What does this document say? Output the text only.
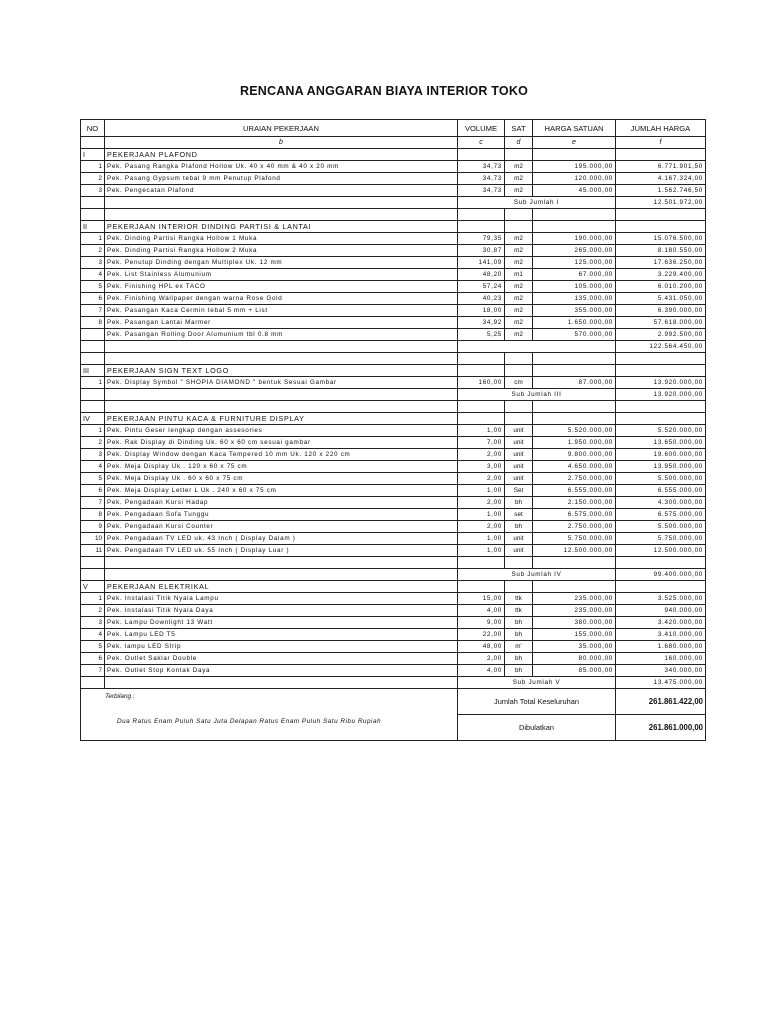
RENCANA ANGGARAN BIAYA INTERIOR TOKO
NO	URAIAN PEKERJAAN	VOLUME	SAT	HARGA SATUAN	JUMLAH HARGA
	b	c	d	e	f
I	PEKERJAAN PLAFOND				
1	Pek. Pasang Rangka Plafond Hollow Uk. 40 x 40 mm & 40 x 20 mm	34,73	m2	195.000,00	6.771.901,50
2	Pek. Pasang Gypsum tebal 9 mm Penutup Plafond	34,73	m2	120.000,00	4.167.324,00
3	Pek. Pengecatan Plafond	34,73	m2	45.000,00	1.562.746,50
		Sub Jumlah I			12.501.972,00

II	PEKERJAAN INTERIOR DINDING PARTISI & LANTAI				
1	Pek. Dinding Partisi Rangka Hollow 1 Muka	79,35	m2	190.000,00	15.076.500,00
2	Pek. Dinding Partisi Rangka Hollow 2 Muka	30,87	m2	265.000,00	8.180.550,00
3	Pek. Penutup Dinding dengan Multiplex Uk. 12 mm	141,09	m2	125.000,00	17.636.250,00
4	Pek. List Stainless Alumunium	48,20	m1	67.000,00	3.229.400,00
5	Pek. Finishing HPL ex TACO	57,24	m2	105.000,00	6.010.200,00
6	Pek. Finishing Wallpaper dengan warna Rose Gold	40,23	m2	135.000,00	5.431.050,00
7	Pek. Pasangan Kaca Cermin tebal 5 mm + List	18,00	m2	355.000,00	6.390.000,00
8	Pek. Pasangan Lantai Marmer	34,92	m2	1.650.000,00	57.618.000,00
	Pek. Pasangan Rolling Door Alumunium tbl 0.8 mm	5,25	m2	570.000,00	2.992.500,00
					122.564.450,00

III	PEKERJAAN SIGN TEXT LOGO				
1	Pek. Display Symbol " SHOPIA DIAMOND " bentuk Sesuai Gambar	160,00	cm	87.000,00	13.920.000,00
		Sub Jumlah III			13.920.000,00

IV	PEKERJAAN PINTU KACA & FURNITURE DISPLAY				
1	Pek. Pintu Geser lengkap dengan assesories	1,00	unit	5.520.000,00	5.520.000,00
2	Pek. Rak Display di Dinding Uk. 60 x 60 cm sesuai gambar	7,00	unit	1.950.000,00	13.650.000,00
3	Pek. Display Window dengan Kaca Tempered 10 mm Uk. 120 x 220 cm	2,00	unit	9.800.000,00	19.600.000,00
4	Pek. Meja Display Uk . 120 x 60 x 75 cm	3,00	unit	4.650.000,00	13.950.000,00
5	Pek. Meja Display Uk . 60 x 60 x 75 cm	2,00	unit	2.750.000,00	5.500.000,00
6	Pek. Meja Display Letter L Uk . 240 x 60 x 75 cm	1,00	Set	6.555.000,00	6.555.000,00
7	Pek. Pengadaan Kursi Hadap	2,00	bh	2.150.000,00	4.300.000,00
8	Pek. Pengadaan Sofa Tunggu	1,00	set	6.575.000,00	6.575.000,00
9	Pek. Pengadaan Kursi Counter	2,00	bh	2.750.000,00	5.500.000,00
10	Pek. Pengadaan TV LED uk. 43 Inch ( Display Dalam )	1,00	unit	5.750.000,00	5.750.000,00
11	Pek. Pengadaan TV LED uk. 55 Inch ( Display Luar )	1,00	unit	12.500.000,00	12.500.000,00

		Sub Jumlah IV			99.400.000,00
V	PEKERJAAN ELEKTRIKAL				
1	Pek. Instalasi Titik Nyala Lampu	15,00	ttk	235.000,00	3.525.000,00
2	Pek. Instalasi Titik Nyala Daya	4,00	ttk	235.000,00	940.000,00
3	Pek. Lampu Downlight 13 Watt	9,00	bh	380.000,00	3.420.000,00
4	Pek. Lampu LED T5	22,00	bh	155.000,00	3.410.000,00
5	Pek. lampu LED Strip	48,00	m'	35.000,00	1.680.000,00
6	Pek. Outlet Saklar Double	2,00	bh	80.000,00	160.000,00
7	Pek. Outlet Stop Kontak Daya	4,00	bh	85.000,00	340.000,00
		Sub Jumlah V			13.475.000,00

Terbilang :
Dua Ratus Enam Puluh Satu Juta Delapan Ratus Enam Puluh Satu Ribu Rupiah		Jumlah Total Keseluruhan			261.861.422,00
		Dibulatkan			261.861.000,00
